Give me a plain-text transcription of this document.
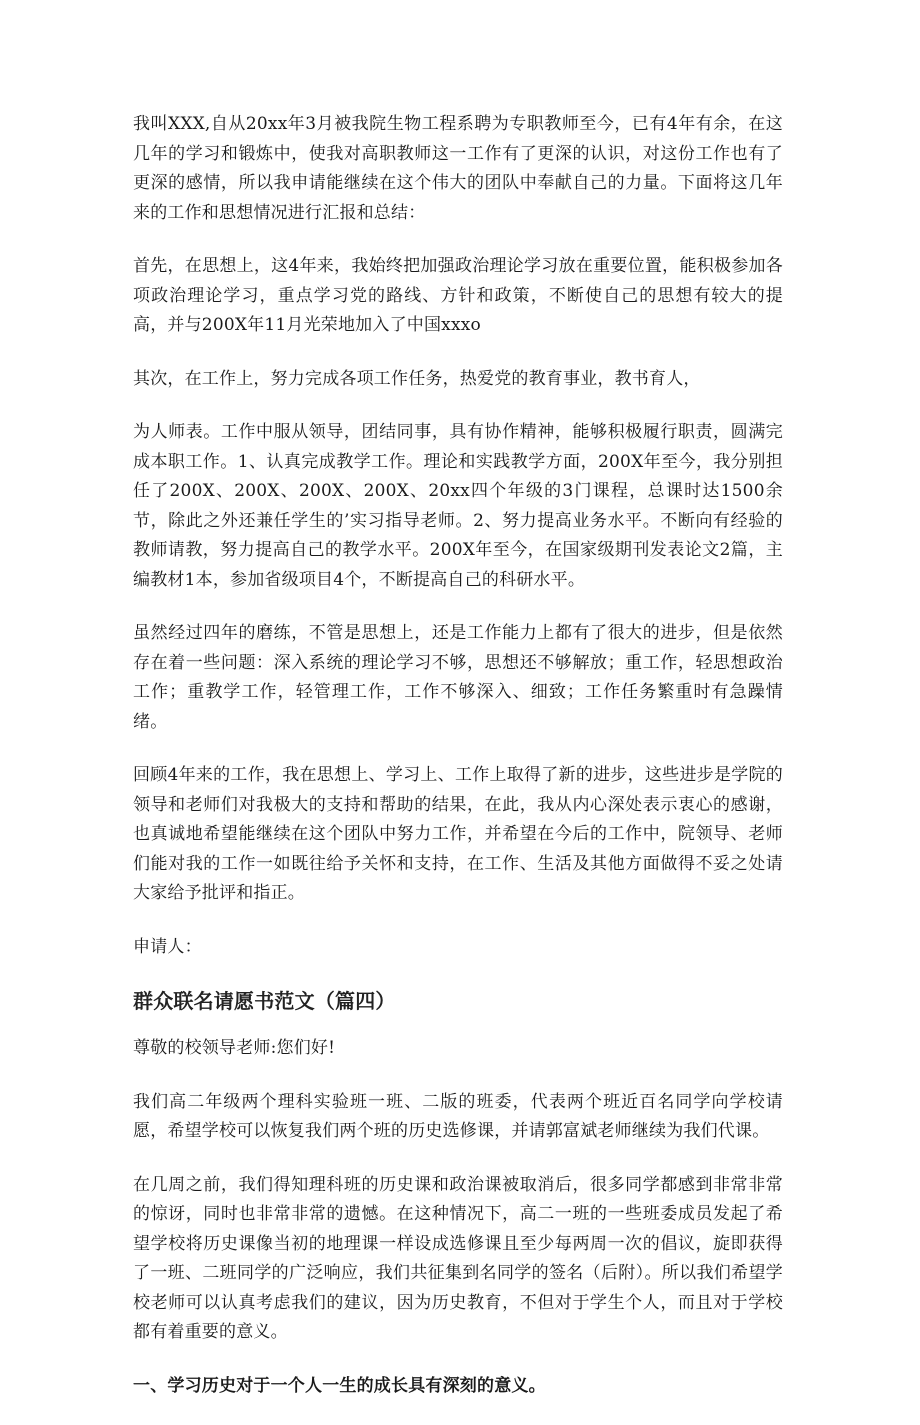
我叫XXX,自从20xx年3月被我院生物工程系聘为专职教师至今，已有4年有余，在这几年的学习和锻炼中，使我对高职教师这一工作有了更深的认识，对这份工作也有了更深的感情，所以我申请能继续在这个伟大的团队中奉献自己的力量。下面将这几年来的工作和思想情况进行汇报和总结：

首先，在思想上，这4年来，我始终把加强政治理论学习放在重要位置，能积极参加各项政治理论学习，重点学习党的路线、方针和政策，不断使自己的思想有较大的提高，并与200X年11月光荣地加入了中国xxxo

其次，在工作上，努力完成各项工作任务，热爱党的教育事业，教书育人，

为人师表。工作中服从领导，团结同事，具有协作精神，能够积极履行职责，圆满完成本职工作。1、认真完成教学工作。理论和实践教学方面，200X年至今，我分别担任了200X、200X、200X、200X、20xx四个年级的3门课程，总课时达1500余节，除此之外还兼任学生的’实习指导老师。2、努力提高业务水平。不断向有经验的教师请教，努力提高自己的教学水平。200X年至今，在国家级期刊发表论文2篇，主编教材1本，参加省级项目4个，不断提高自己的科研水平。

虽然经过四年的磨练，不管是思想上，还是工作能力上都有了很大的进步，但是依然存在着一些问题：深入系统的理论学习不够，思想还不够解放；重工作，轻思想政治工作；重教学工作，轻管理工作，工作不够深入、细致；工作任务繁重时有急躁情绪。

回顾4年来的工作，我在思想上、学习上、工作上取得了新的进步，这些进步是学院的领导和老师们对我极大的支持和帮助的结果，在此，我从内心深处表示衷心的感谢，也真诚地希望能继续在这个团队中努力工作，并希望在今后的工作中，院领导、老师们能对我的工作一如既往给予关怀和支持，在工作、生活及其他方面做得不妥之处请大家给予批评和指正。

申请人：

群众联名请愿书范文（篇四）

尊敬的校领导老师:您们好!

我们高二年级两个理科实验班一班、二版的班委，代表两个班近百名同学向学校请愿，希望学校可以恢复我们两个班的历史选修课，并请郭富斌老师继续为我们代课。

在几周之前，我们得知理科班的历史课和政治课被取消后，很多同学都感到非常非常的惊讶，同时也非常非常的遗憾。在这种情况下，高二一班的一些班委成员发起了希望学校将历史课像当初的地理课一样设成选修课且至少每两周一次的倡议，旋即获得了一班、二班同学的广泛响应，我们共征集到名同学的签名（后附）。所以我们希望学校老师可以认真考虑我们的建议，因为历史教育，不但对于学生个人，而且对于学校都有着重要的意义。

一、学习历史对于一个人一生的成长具有深刻的意义。
